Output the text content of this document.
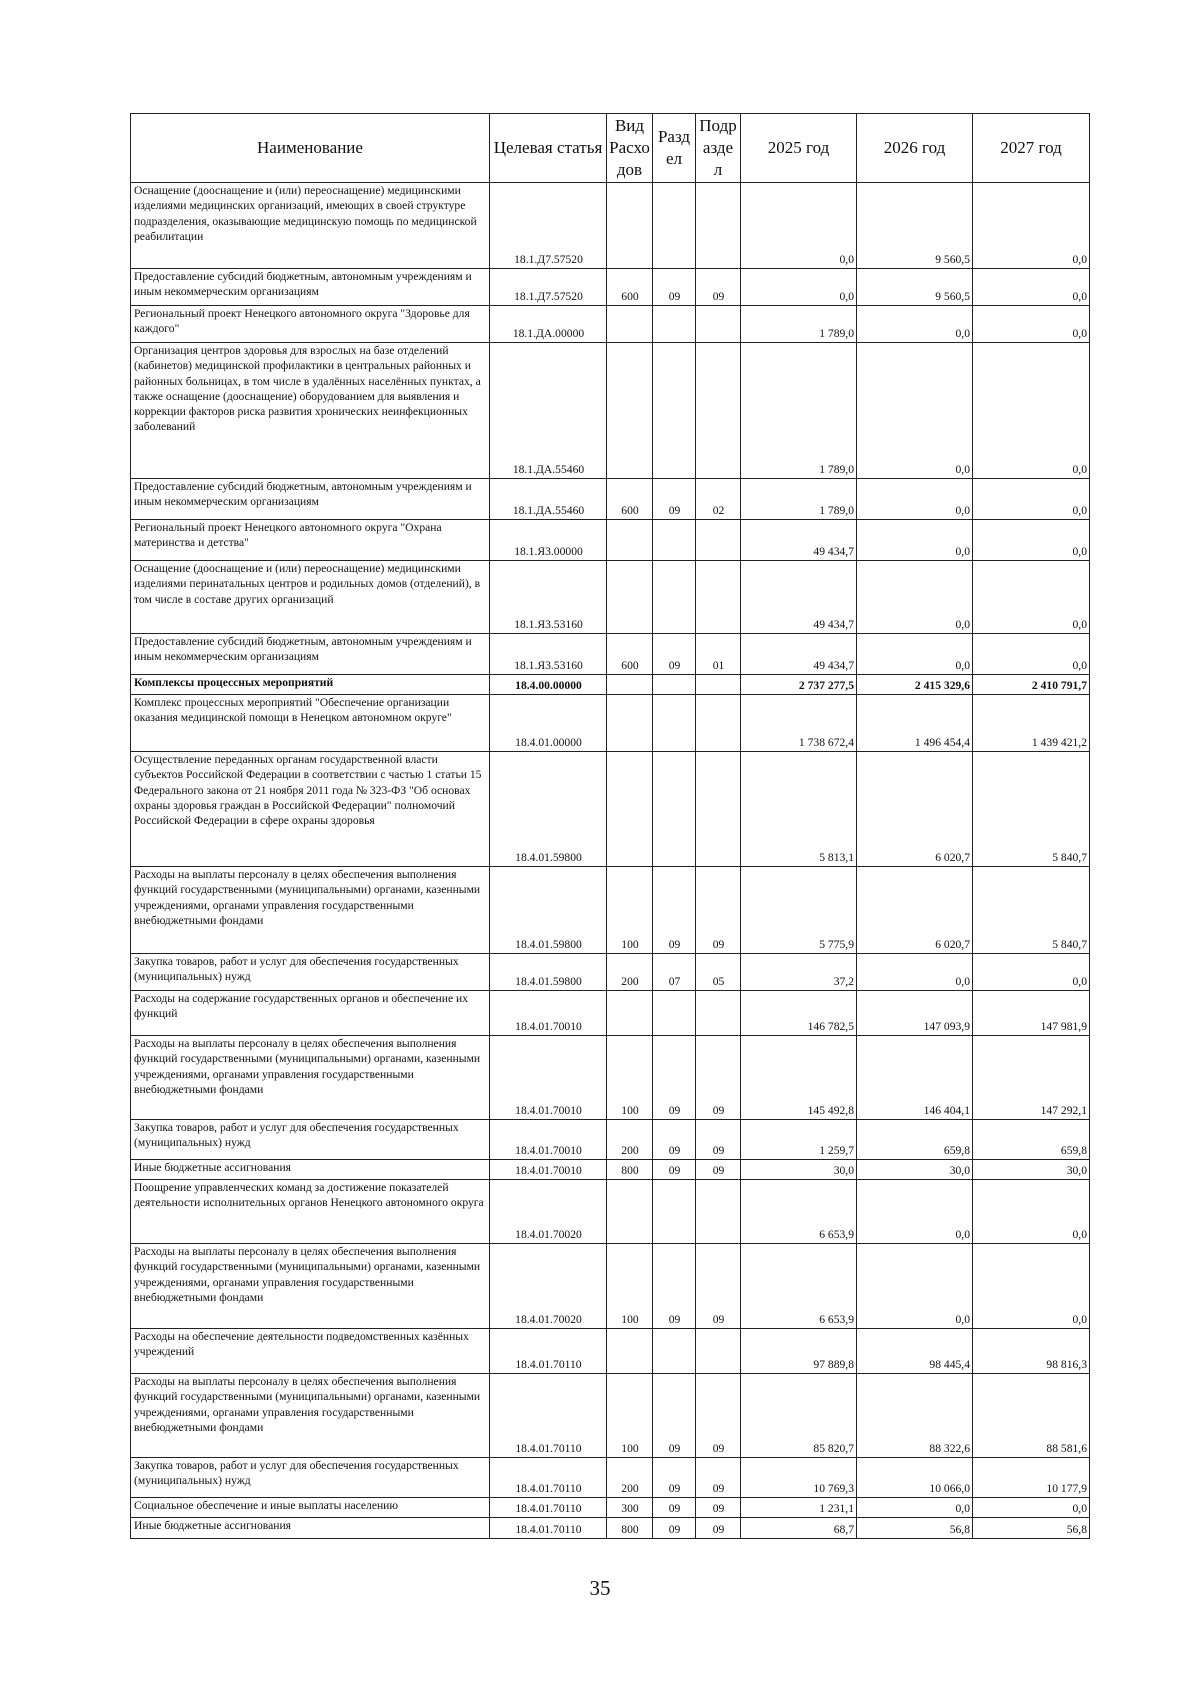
Наименование	Целевая статья	Вид Расхо дов	Разд ел	Подр азде л	2025 год	2026 год	2027 год
Оснащение (дооснащение и (или) переоснащение) медицинскими изделиями медицинских организаций, имеющих в своей структуре подразделения, оказывающие медицинскую помощь по медицинской реабилитации	18.1.Д7.57520				0,0	9 560,5	0,0
Предоставление субсидий бюджетным, автономным учреждениям и иным некоммерческим организациям	18.1.Д7.57520	600	09	09	0,0	9 560,5	0,0
Региональный проект Ненецкого автономного округа "Здоровье для каждого"	18.1.ДА.00000				1 789,0	0,0	0,0
Организация центров здоровья для взрослых на базе отделений (кабинетов) медицинской профилактики в центральных районных и районных больницах, в том числе в удалённых населённых пунктах, а также оснащение (дооснащение) оборудованием для выявления и коррекции факторов риска развития хронических неинфекционных заболеваний	18.1.ДА.55460				1 789,0	0,0	0,0
Предоставление субсидий бюджетным, автономным учреждениям и иным некоммерческим организациям	18.1.ДА.55460	600	09	02	1 789,0	0,0	0,0
Региональный проект Ненецкого автономного округа "Охрана материнства и детства"	18.1.Я3.00000				49 434,7	0,0	0,0
Оснащение (дооснащение и (или) переоснащение) медицинскими изделиями перинатальных центров и родильных домов (отделений), в том числе в составе других организаций	18.1.Я3.53160				49 434,7	0,0	0,0
Предоставление субсидий бюджетным, автономным учреждениям и иным некоммерческим организациям	18.1.Я3.53160	600	09	01	49 434,7	0,0	0,0
Комплексы процессных мероприятий	18.4.00.00000				2 737 277,5	2 415 329,6	2 410 791,7
Комплекс процессных мероприятий "Обеспечение организации оказания медицинской помощи в Ненецком автономном округе"	18.4.01.00000				1 738 672,4	1 496 454,4	1 439 421,2
Осуществление переданных органам государственной власти субъектов Российской Федерации в соответствии с частью 1 статьи 15 Федерального закона от 21 ноября 2011 года № 323-ФЗ "Об основах охраны здоровья граждан в Российской Федерации" полномочий Российской Федерации в сфере охраны здоровья	18.4.01.59800				5 813,1	6 020,7	5 840,7
Расходы на выплаты персоналу в целях обеспечения выполнения функций государственными (муниципальными) органами, казенными учреждениями, органами управления государственными внебюджетными фондами	18.4.01.59800	100	09	09	5 775,9	6 020,7	5 840,7
Закупка товаров, работ и услуг для обеспечения государственных (муниципальных) нужд	18.4.01.59800	200	07	05	37,2	0,0	0,0
Расходы на содержание государственных органов и обеспечение их функций	18.4.01.70010				146 782,5	147 093,9	147 981,9
Расходы на выплаты персоналу в целях обеспечения выполнения функций государственными (муниципальными) органами, казенными учреждениями, органами управления государственными внебюджетными фондами	18.4.01.70010	100	09	09	145 492,8	146 404,1	147 292,1
Закупка товаров, работ и услуг для обеспечения государственных (муниципальных) нужд	18.4.01.70010	200	09	09	1 259,7	659,8	659,8
Иные бюджетные ассигнования	18.4.01.70010	800	09	09	30,0	30,0	30,0
Поощрение управленческих команд за достижение показателей деятельности исполнительных органов Ненецкого автономного округа	18.4.01.70020				6 653,9	0,0	0,0
Расходы на выплаты персоналу в целях обеспечения выполнения функций государственными (муниципальными) органами, казенными учреждениями, органами управления государственными внебюджетными фондами	18.4.01.70020	100	09	09	6 653,9	0,0	0,0
Расходы на обеспечение деятельности подведомственных казённых учреждений	18.4.01.70110				97 889,8	98 445,4	98 816,3
Расходы на выплаты персоналу в целях обеспечения выполнения функций государственными (муниципальными) органами, казенными учреждениями, органами управления государственными внебюджетными фондами	18.4.01.70110	100	09	09	85 820,7	88 322,6	88 581,6
Закупка товаров, работ и услуг для обеспечения государственных (муниципальных) нужд	18.4.01.70110	200	09	09	10 769,3	10 066,0	10 177,9
Социальное обеспечение и иные выплаты населению	18.4.01.70110	300	09	09	1 231,1	0,0	0,0
Иные бюджетные ассигнования	18.4.01.70110	800	09	09	68,7	56,8	56,8
35
